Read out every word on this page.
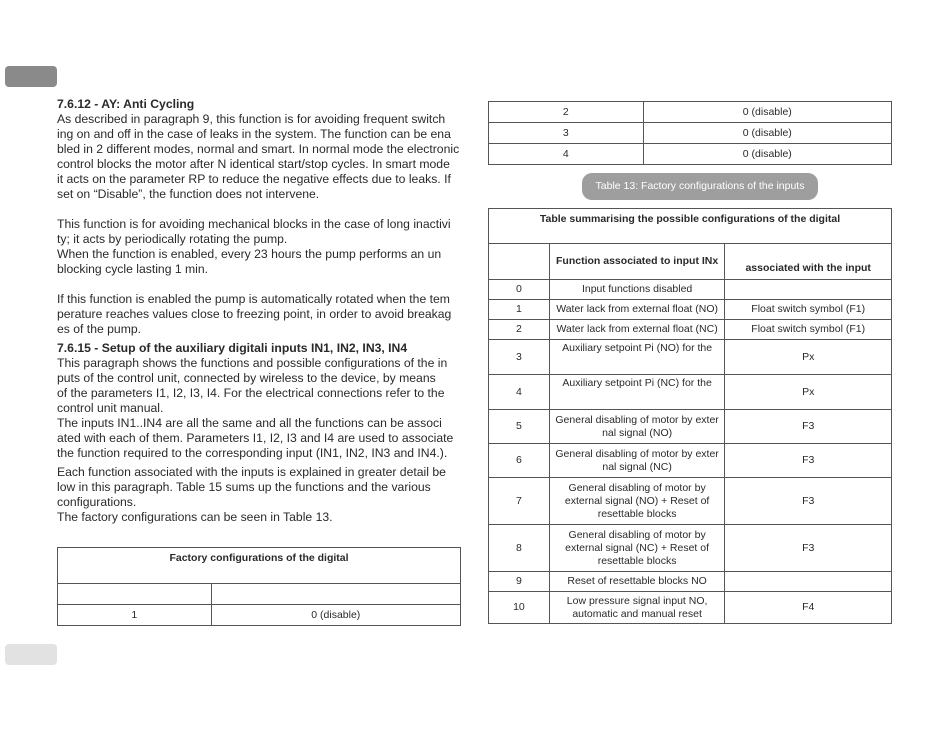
7.6.12 - AY: Anti Cycling

As described in paragraph 9, this function is for avoiding frequent switch
ing on and off in the case of leaks in the system. The function can be ena
bled in 2 different modes, normal and smart. In normal mode the electronic
control blocks the motor after N identical start/stop cycles. In smart mode
it acts on the parameter RP to reduce the negative effects due to leaks. If
set on “Disable”, the function does not intervene.

This function is for avoiding mechanical blocks in the case of long inactivi
ty; it acts by periodically rotating the pump.
When the function is enabled, every 23 hours the pump performs an un
blocking cycle lasting 1 min.

If this function is enabled the pump is automatically rotated when the tem
perature reaches values close to freezing point, in order to avoid breakag
es of the pump.

7.6.15 - Setup of the auxiliary digitali inputs IN1, IN2, IN3, IN4

This paragraph shows the functions and possible configurations of the in
puts of the control unit, connected by wireless to the device, by means
of the parameters I1, I2, I3, I4. For the electrical connections refer to the
control unit manual.
The inputs IN1..IN4 are all the same and all the functions can be associ
ated with each of them. Parameters I1, I2, I3 and I4 are used to associate
the function required to the corresponding input (IN1, IN2, IN3 and IN4.).

Each function associated with the inputs is explained in greater detail be
low in this paragraph. Table 15 sums up the functions and the various
configurations.
The factory configurations can be seen in Table 13.

Factory configurations of the digital	

1	0 (disable)
2	0 (disable)
3	0 (disable)
4	0 (disable)
Table 13: Factory configurations of the inputs
Table summarising the possible configurations of the digital		
	Function associated to input INx	associated with the input
0	Input functions disabled	
1	Water lack from external float (NO)	Float switch symbol (F1)
2	Water lack from external float (NC)	Float switch symbol (F1)
3	Auxiliary setpoint Pi (NO) for the	Px
4	Auxiliary setpoint Pi (NC) for the	Px
5	General disabling of motor by exter
nal signal (NO)	F3
6	General disabling of motor by exter
nal signal (NC)	F3
7	General disabling of motor by
external signal (NO) + Reset of
resettable blocks	F3
8	General disabling of motor by
external signal (NC) + Reset of
resettable blocks	F3
9	Reset of resettable blocks NO	
10	Low pressure signal input NO,
automatic and manual reset	F4
